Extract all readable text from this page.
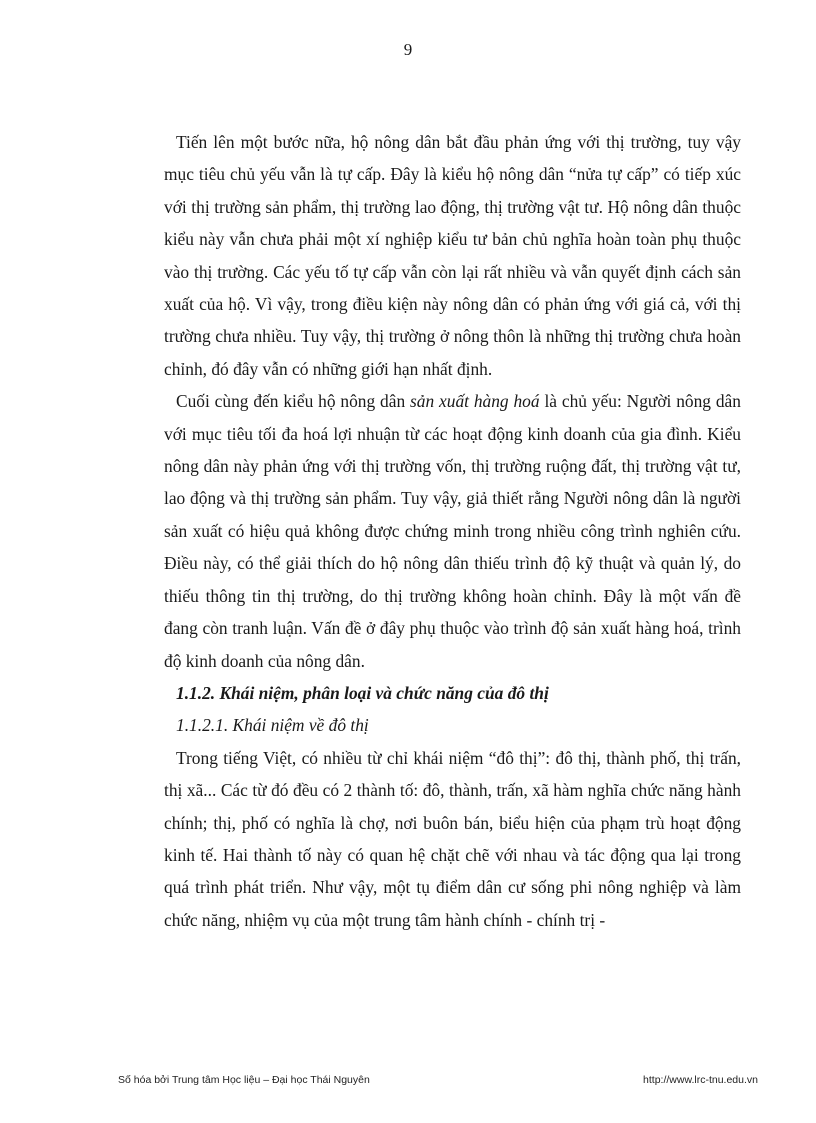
9

Tiến lên một bước nữa, hộ nông dân bắt đầu phản ứng với thị trường, tuy vậy mục tiêu chủ yếu vẫn là tự cấp. Đây là kiểu hộ nông dân “nửa tự cấp” có tiếp xúc với thị trường sản phẩm, thị trường lao động, thị trường vật tư. Hộ nông dân thuộc kiểu này vẫn chưa phải một xí nghiệp kiểu tư bản chủ nghĩa hoàn toàn phụ thuộc vào thị trường. Các yếu tố tự cấp vẫn còn lại rất nhiều và vẫn quyết định cách sản xuất của hộ. Vì vậy, trong điều kiện này nông dân có phản ứng với giá cả, với thị trường chưa nhiều. Tuy vậy, thị trường ở nông thôn là những thị trường chưa hoàn chỉnh, đó đây vẫn có những giới hạn nhất định.

Cuối cùng đến kiểu hộ nông dân sản xuất hàng hoá là chủ yếu: Người nông dân với mục tiêu tối đa hoá lợi nhuận từ các hoạt động kinh doanh của gia đình. Kiểu nông dân này phản ứng với thị trường vốn, thị trường ruộng đất, thị trường vật tư, lao động và thị trường sản phẩm. Tuy vậy, giả thiết rằng Người nông dân là người sản xuất có hiệu quả không được chứng minh trong nhiều công trình nghiên cứu. Điều này, có thể giải thích do hộ nông dân thiếu trình độ kỹ thuật và quản lý, do thiếu thông tin thị trường, do thị trường không hoàn chỉnh. Đây là một vấn đề đang còn tranh luận. Vấn đề ở đây phụ thuộc vào trình độ sản xuất hàng hoá, trình độ kinh doanh của nông dân.

1.1.2. Khái niệm, phân loại và chức năng của đô thị

1.1.2.1. Khái niệm về đô thị

Trong tiếng Việt, có nhiều từ chỉ khái niệm “đô thị”: đô thị, thành phố, thị trấn, thị xã... Các từ đó đều có 2 thành tố: đô, thành, trấn, xã hàm nghĩa chức năng hành chính; thị, phố có nghĩa là chợ, nơi buôn bán, biểu hiện của phạm trù hoạt động kinh tế. Hai thành tố này có quan hệ chặt chẽ với nhau và tác động qua lại trong quá trình phát triển. Như vậy, một tụ điểm dân cư sống phi nông nghiệp và làm chức năng, nhiệm vụ của một trung tâm hành chính - chính trị -

Số hóa bởi Trung tâm Học liệu – Đại học Thái Nguyên	http://www.lrc-tnu.edu.vn
